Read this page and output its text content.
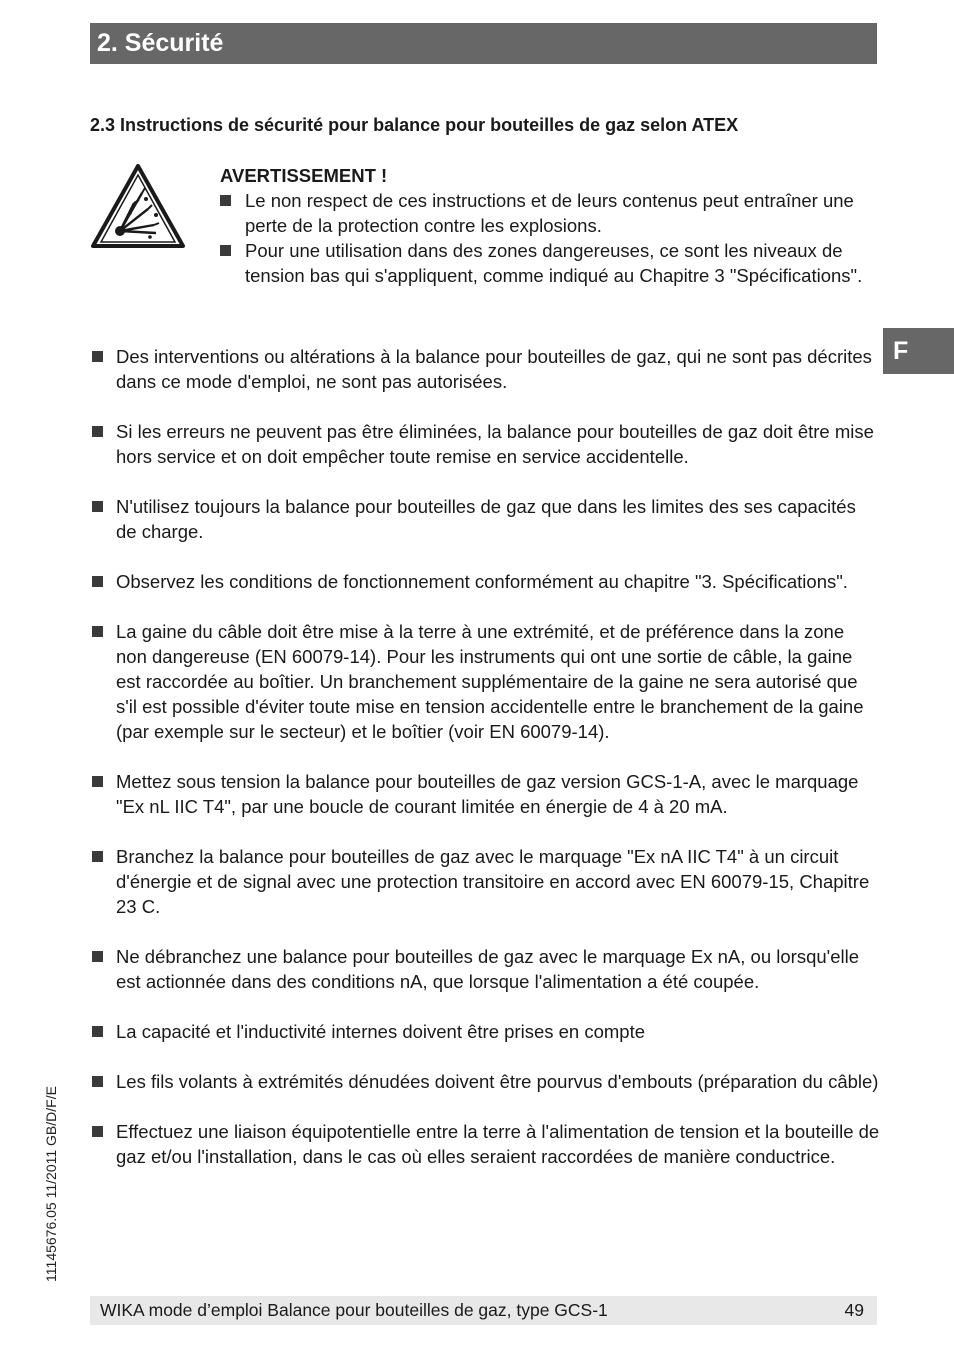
2. Sécurité
2.3 Instructions de sécurité pour balance pour bouteilles de gaz selon ATEX

AVERTISSEMENT !

Le non respect de ces instructions et de leurs contenus peut entraîner une perte de la protection contre les explosions.
Pour une utilisation dans des zones dangereuses, ce sont les niveaux de tension bas qui s'appliquent, comme indiqué au Chapitre 3 "Spécifications".
Des interventions ou altérations à la balance pour bouteilles de gaz, qui ne sont pas décrites dans ce mode d'emploi, ne sont pas autorisées.
Si les erreurs ne peuvent pas être éliminées, la balance pour bouteilles de gaz doit être mise hors service et on doit empêcher toute remise en service accidentelle.
N'utilisez toujours la balance pour bouteilles de gaz que dans les limites des ses capacités de charge.
Observez les conditions de fonctionnement conformément au chapitre "3. Spécifications".
La gaine du câble doit être mise à la terre à une extrémité, et de préférence dans la zone non dangereuse (EN 60079-14). Pour les instruments qui ont une sortie de câble, la gaine est raccordée au boîtier. Un branchement supplémentaire de la gaine ne sera autorisé que s'il est possible d'éviter toute mise en tension accidentelle entre le branchement de la gaine (par exemple sur le secteur) et le boîtier (voir EN 60079-14).
Mettez sous tension la balance pour bouteilles de gaz version GCS-1-A, avec le marquage "Ex nL IIC T4", par une boucle de courant limitée en énergie de 4 à 20 mA.
Branchez la balance pour bouteilles de gaz avec le marquage "Ex nA IIC T4" à un circuit d'énergie et de signal avec une protection transitoire en accord avec EN 60079-15, Chapitre 23 C.
Ne débranchez une balance pour bouteilles de gaz avec le marquage Ex nA, ou lorsqu'elle est actionnée dans des conditions nA, que lorsque l'alimentation a été coupée.
La capacité et l'inductivité internes doivent être prises en compte
Les fils volants à extrémités dénudées doivent être pourvus d'embouts (préparation du câble)
Effectuez une liaison équipotentielle entre la terre à l'alimentation de tension et la bouteille de gaz et/ou l'installation, dans le cas où elles seraient raccordées de manière conductrice.
F
11145676.05 11/2011 GB/D/F/E
WIKA mode d’emploi Balance pour bouteilles de gaz, type GCS-1	49
